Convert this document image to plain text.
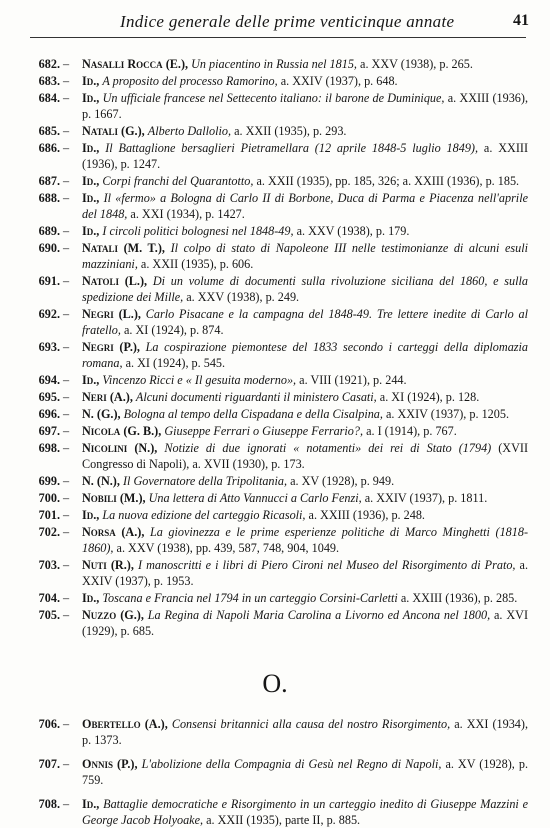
Indice generale delle prime venticinque annate	41
682. – Nasalli Rocca (E.), Un piacentino in Russia nel 1815, a. XXV (1938), p. 265.
683. – Id., A proposito del processo Ramorino, a. XXIV (1937), p. 648.
684. – Id., Un ufficiale francese nel Settecento italiano: il barone de Duminique, a. XXIII (1936), p. 1667.
685. – Natali (G.), Alberto Dallolio, a. XXII (1935), p. 293.
686. – Id., Il Battaglione bersaglieri Pietramellara (12 aprile 1848-5 luglio 1849), a. XXIII (1936), p. 1247.
687. – Id., Corpi franchi del Quarantotto, a. XXII (1935), pp. 185, 326; a. XXIII (1936), p. 185.
688. – Id., Il «fermo» a Bologna di Carlo II di Borbone, Duca di Parma e Piacenza nell'aprile del 1848, a. XXI (1934), p. 1427.
689. – Id., I circoli politici bolognesi nel 1848-49, a. XXV (1938), p. 179.
690. – Natali (M. T.), Il colpo di stato di Napoleone III nelle testimonianze di alcuni esuli mazziniani, a. XXII (1935), p. 606.
691. – Natoli (L.), Di un volume di documenti sulla rivoluzione siciliana del 1860, e sulla spedizione dei Mille, a. XXV (1938), p. 249.
692. – Negri (L.), Carlo Pisacane e la campagna del 1848-49. Tre lettere inedite di Carlo al fratello, a. XI (1924), p. 874.
693. – Negri (P.), La cospirazione piemontese del 1833 secondo i carteggi della diplomazia romana, a. XI (1924), p. 545.
694. – Id., Vincenzo Ricci e « Il gesuita moderno», a. VIII (1921), p. 244.
695. – Neri (A.), Alcuni documenti riguardanti il ministero Casati, a. XI (1924), p. 128.
696. – N. (G.), Bologna al tempo della Cispadana e della Cisalpina, a. XXIV (1937), p. 1205.
697. – Nicola (G. B.), Giuseppe Ferrari o Giuseppe Ferrario?, a. I (1914), p. 767.
698. – Nicolini (N.), Notizie di due ignorati « notamenti» dei rei di Stato (1794) (XVII Congresso di Napoli), a. XVII (1930), p. 173.
699. – N. (N.), Il Governatore della Tripolitania, a. XV (1928), p. 949.
700. – Nobili (M.), Una lettera di Atto Vannucci a Carlo Fenzi, a. XXIV (1937), p. 1811.
701. – Id., La nuova edizione del carteggio Ricasoli, a. XXIII (1936), p. 248.
702. – Norsa (A.), La giovinezza e le prime esperienze politiche di Marco Minghetti (1818-1860), a. XXV (1938), pp. 439, 587, 748, 904, 1049.
703. – Nuti (R.), I manoscritti e i libri di Piero Cironi nel Museo del Risorgimento di Prato, a. XXIV (1937), p. 1953.
704. – Id., Toscana e Francia nel 1794 in un carteggio Corsini-Carletti a. XXIII (1936), p. 285.
705. – Nuzzo (G.), La Regina di Napoli Maria Carolina a Livorno ed Ancona nel 1800, a. XVI (1929), p. 685.
O.
706. – Obertello (A.), Consensi britannici alla causa del nostro Risorgimento, a. XXI (1934), p. 1373.
707. – Onnis (P.), L'abolizione della Compagnia di Gesù nel Regno di Napoli, a. XV (1928), p. 759.
708. – Id., Battaglie democratiche e Risorgimento in un carteggio inedito di Giuseppe Mazzini e George Jacob Holyoake, a. XXII (1935), parte II, p. 885.
